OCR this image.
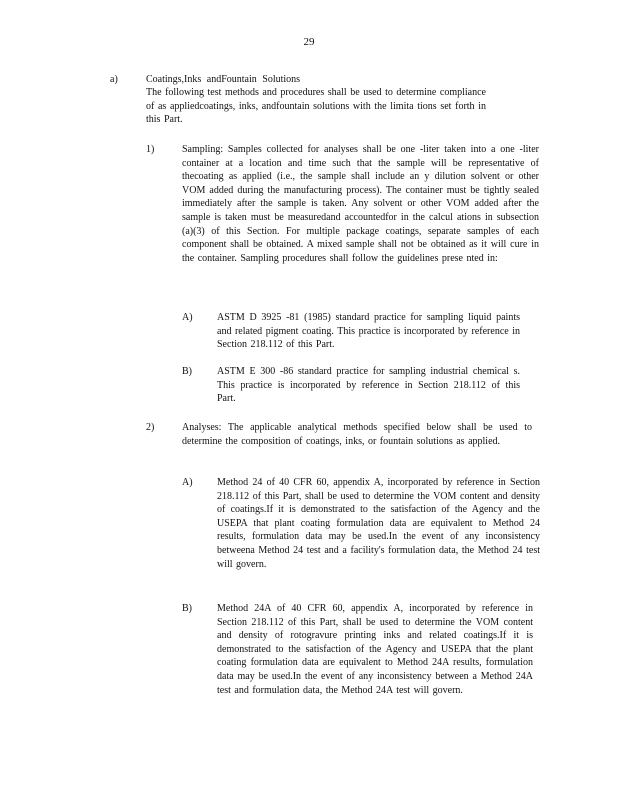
29
a)	Coatings,Inks andFountain Solutions

The following test methods and procedures shall be used to determine compliance of as appliedcoatings, inks, andfountain solutions with the limita tions set forth in this Part.

1)	Sampling: Samples collected for analyses shall be one -liter taken into a one -liter container at a location and time such that the sample will be representative of thecoating as applied (i.e., the sample shall include an y dilution solvent or other VOM added during the manufacturing process). The container must be tightly sealed immediately after the sample is taken. Any solvent or other VOM added after the sample is taken must be measuredand accountedfor in the calcul ations in subsection (a)(3) of this Section. For multiple package coatings, separate samples of each component shall be obtained. A mixed sample shall not be obtained as it will cure in the container. Sampling procedures shall follow the guidelines prese nted in:

A) ASTM D 3925 -81 (1985) standard practice for sampling liquid paints and related pigment coating. This practice is incorporated by reference in Section 218.112 of this Part.

B)	ASTM E 300 -86 standard practice for sampling industrial chemical s. This practice is incorporated by reference in Section 218.112 of this Part.

2)	Analyses: The applicable analytical methods specified below shall be used to determine the composition of coatings, inks, or fountain solutions as applied.

A) Method 24 of 40 CFR 60, appendix A, incorporated by reference in Section 218.112 of this Part, shall be used to determine the VOM content and density of coatings.If it is demonstrated to the satisfaction of the Agency and the USEPA that plant coating formulation data are equivalent to Method 24 results, formulation data may be used.In the event of any inconsistency betweena Method 24 test and a facility's formulation data, the Method 24 test will govern.

B)	Method 24A of 40 CFR 60, appendix A, incorporated by reference in Section 218.112 of this Part, shall be used to determine the VOM content and density of rotogravure printing inks and related coatings.If it is demonstrated to the satisfaction of the Agency and USEPA that the plant coating formulation data are equivalent to Method 24A results, formulation data may be used.In the event of any inconsistency between a Method 24A test and formulation data, the Method 24A test will govern.
